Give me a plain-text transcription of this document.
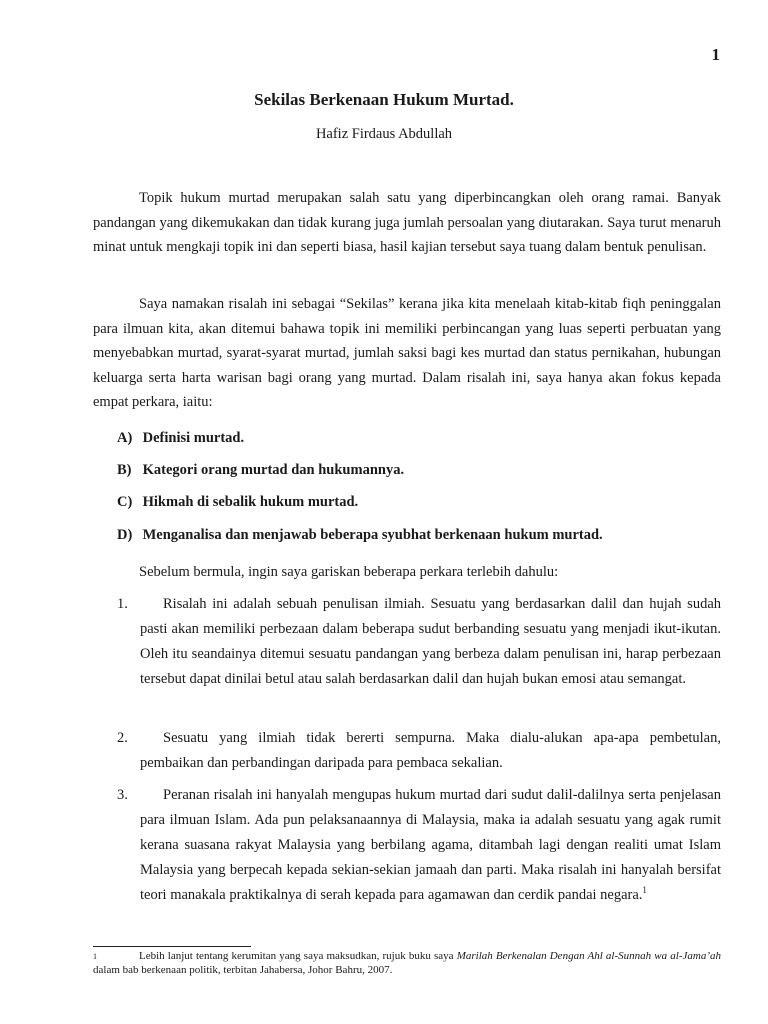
1
Sekilas Berkenaan Hukum Murtad.
Hafiz Firdaus Abdullah

Topik hukum murtad merupakan salah satu yang diperbincangkan oleh orang ramai. Banyak pandangan yang dikemukakan dan tidak kurang juga jumlah persoalan yang diutarakan. Saya turut menaruh minat untuk mengkaji topik ini dan seperti biasa, hasil kajian tersebut saya tuang dalam bentuk penulisan.

Saya namakan risalah ini sebagai “Sekilas” kerana jika kita menelaah kitab-kitab fiqh peninggalan para ilmuan kita, akan ditemui bahawa topik ini memiliki perbincangan yang luas seperti perbuatan yang menyebabkan murtad, syarat-syarat murtad, jumlah saksi bagi kes murtad dan status pernikahan, hubungan keluarga serta harta warisan bagi orang yang murtad. Dalam risalah ini, saya hanya akan fokus kepada empat perkara, iaitu:

A) Definisi murtad.
B) Kategori orang murtad dan hukumannya.
C) Hikmah di sebalik hukum murtad.
D) Menganalisa dan menjawab beberapa syubhat berkenaan hukum murtad.

Sebelum bermula, ingin saya gariskan beberapa perkara terlebih dahulu:

1.	Risalah ini adalah sebuah penulisan ilmiah. Sesuatu yang berdasarkan dalil dan hujah sudah pasti akan memiliki perbezaan dalam beberapa sudut berbanding sesuatu yang menjadi ikut-ikutan. Oleh itu seandainya ditemui sesuatu pandangan yang berbeza dalam penulisan ini, harap perbezaan tersebut dapat dinilai betul atau salah berdasarkan dalil dan hujah bukan emosi atau semangat.
2.	Sesuatu yang ilmiah tidak bererti sempurna. Maka dialu-alukan apa-apa pembetulan, pembaikan dan perbandingan daripada para pembaca sekalian.
3.	Peranan risalah ini hanyalah mengupas hukum murtad dari sudut dalil-dalilnya serta penjelasan para ilmuan Islam. Ada pun pelaksanaannya di Malaysia, maka ia adalah sesuatu yang agak rumit kerana suasana rakyat Malaysia yang berbilang agama, ditambah lagi dengan realiti umat Islam Malaysia yang berpecah kepada sekian-sekian jamaah dan parti. Maka risalah ini hanyalah bersifat teori manakala praktikalnya di serah kepada para agamawan dan cerdik pandai negara.$^1$
1	Lebih lanjut tentang kerumitan yang saya maksudkan, rujuk buku saya Marilah Berkenalan Dengan Ahl al-Sunnah wa al-Jama’ah dalam bab berkenaan politik, terbitan Jahabersa, Johor Bahru, 2007.
